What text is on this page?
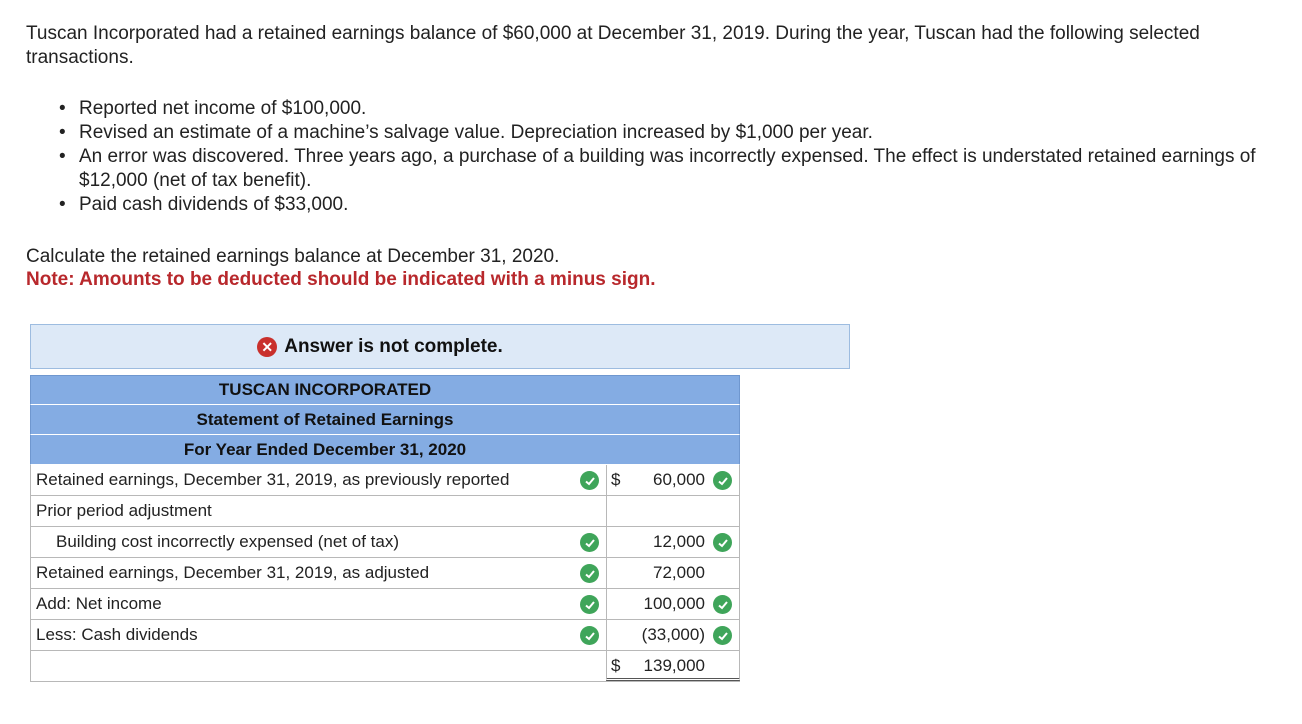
Tuscan Incorporated had a retained earnings balance of $60,000 at December 31, 2019. During the year, Tuscan had the following selected transactions.
• Reported net income of $100,000.
• Revised an estimate of a machine’s salvage value. Depreciation increased by $1,000 per year.
• An error was discovered. Three years ago, a purchase of a building was incorrectly expensed. The effect is understated retained earnings of $12,000 (net of tax benefit).
• Paid cash dividends of $33,000.
Calculate the retained earnings balance at December 31, 2020.
Note: Amounts to be deducted should be indicated with a minus sign.
✕ Answer is not complete.
TUSCAN INCORPORATED
Statement of Retained Earnings
For Year Ended December 31, 2020
Retained earnings, December 31, 2019, as previously reported	$ 60,000
Prior period adjustment
Building cost incorrectly expensed (net of tax)	12,000
Retained earnings, December 31, 2019, as adjusted	72,000
Add: Net income	100,000
Less: Cash dividends	(33,000)
$ 139,000
